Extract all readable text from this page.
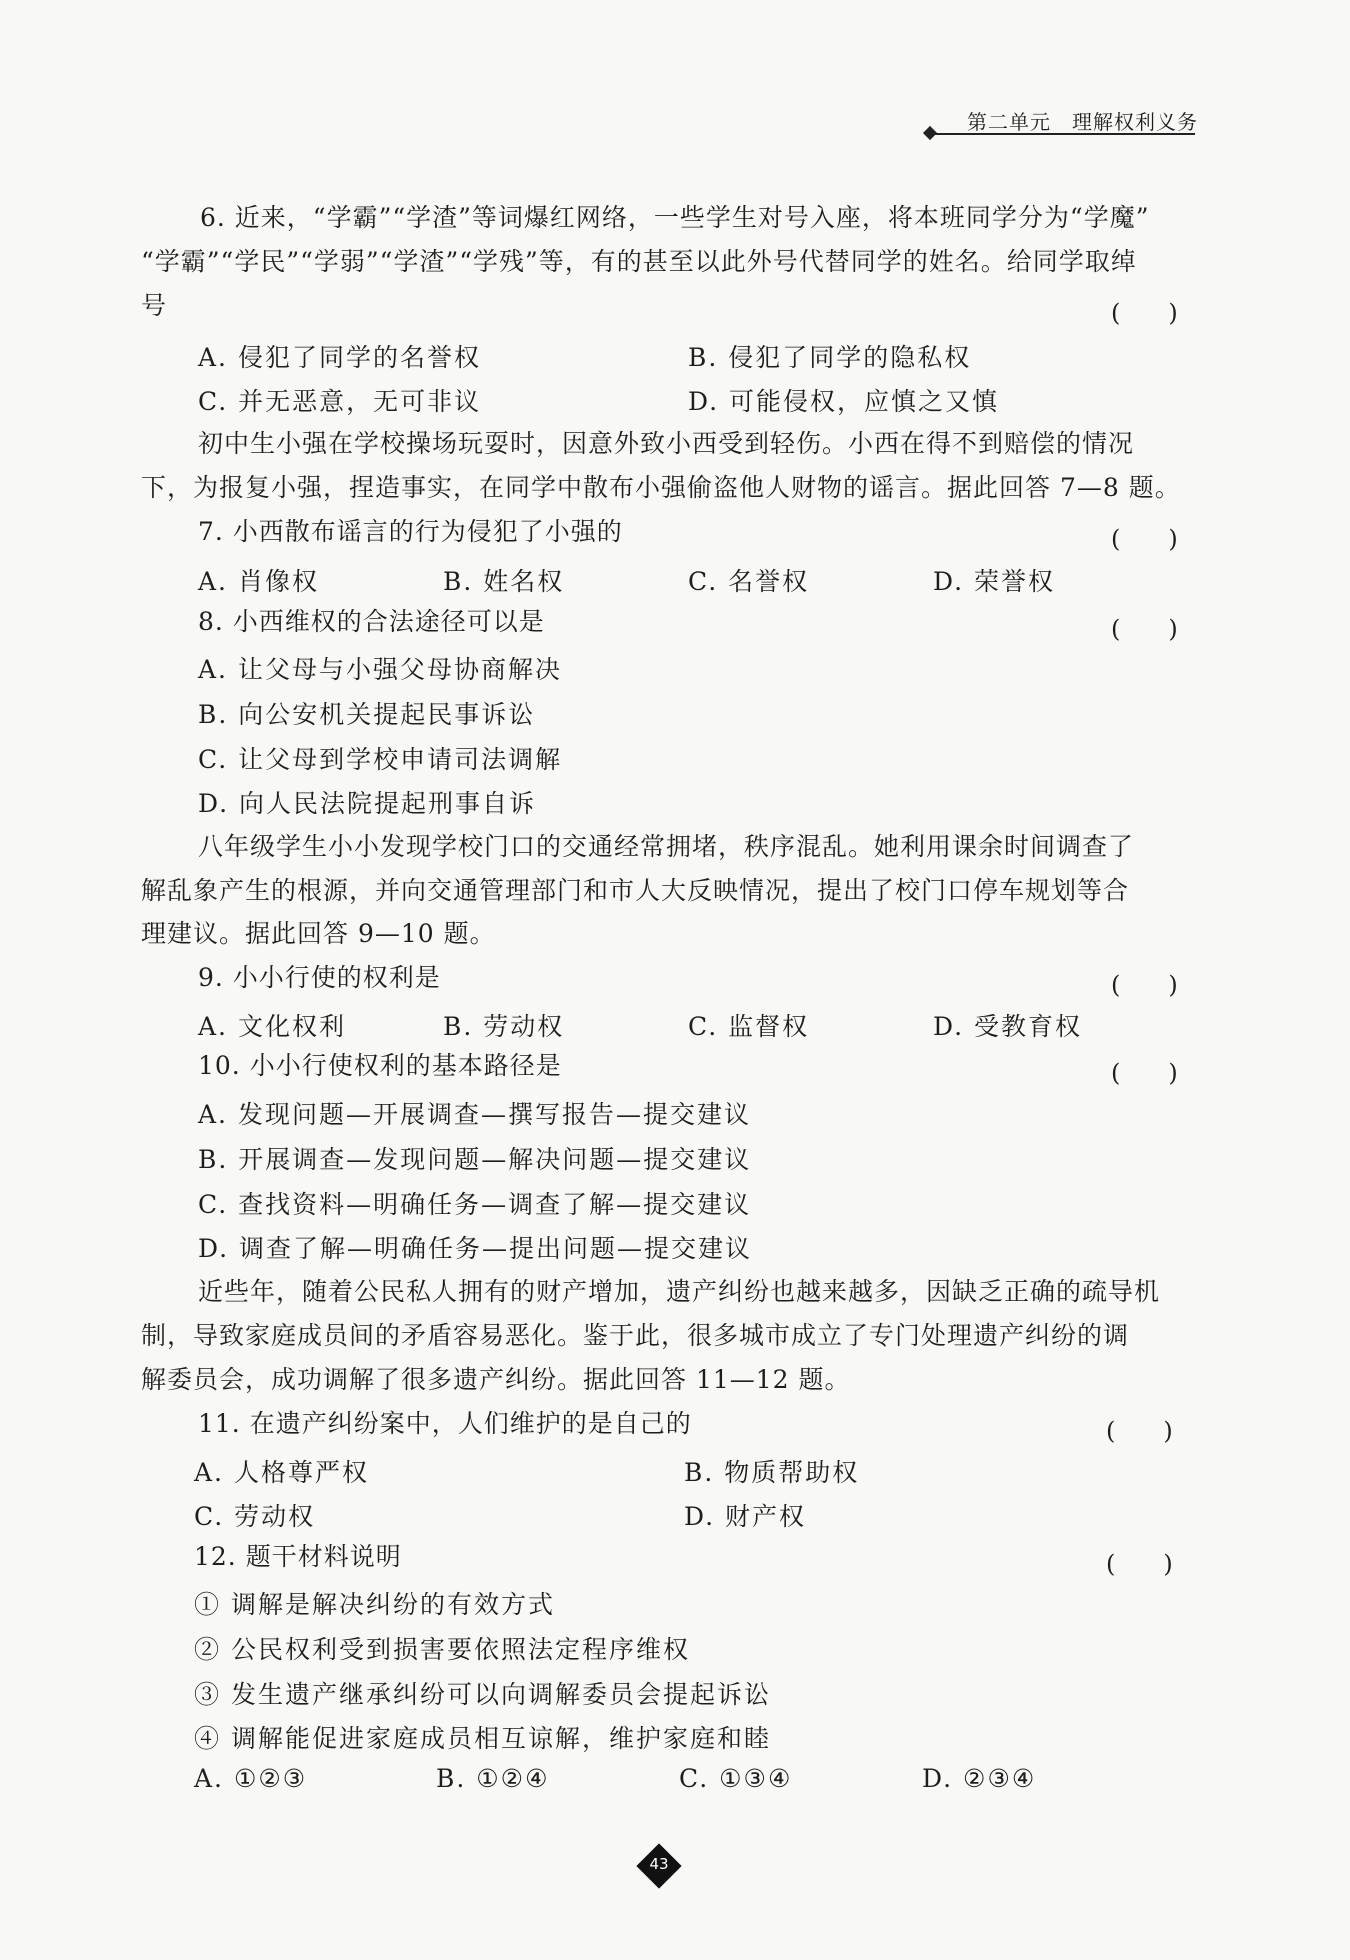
第二单元　理解权利义务
6. 近来，“学霸”“学渣”等词爆红网络，一些学生对号入座，将本班同学分为“学魔”
“学霸”“学民”“学弱”“学渣”“学残”等，有的甚至以此外号代替同学的姓名。给同学取绰
号	(　　)
A. 侵犯了同学的名誉权	B. 侵犯了同学的隐私权
C. 并无恶意，无可非议	D. 可能侵权，应慎之又慎
初中生小强在学校操场玩耍时，因意外致小西受到轻伤。小西在得不到赔偿的情况
下，为报复小强，捏造事实，在同学中散布小强偷盗他人财物的谣言。据此回答 7—8 题。
7. 小西散布谣言的行为侵犯了小强的	(　　)
A. 肖像权	B. 姓名权	C. 名誉权	D. 荣誉权
8. 小西维权的合法途径可以是	(　　)
A. 让父母与小强父母协商解决
B. 向公安机关提起民事诉讼
C. 让父母到学校申请司法调解
D. 向人民法院提起刑事自诉
八年级学生小小发现学校门口的交通经常拥堵，秩序混乱。她利用课余时间调查了
解乱象产生的根源，并向交通管理部门和市人大反映情况，提出了校门口停车规划等合
理建议。据此回答 9—10 题。
9. 小小行使的权利是	(　　)
A. 文化权利	B. 劳动权	C. 监督权	D. 受教育权
10. 小小行使权利的基本路径是	(　　)
A. 发现问题—开展调查—撰写报告—提交建议
B. 开展调查—发现问题—解决问题—提交建议
C. 查找资料—明确任务—调查了解—提交建议
D. 调查了解—明确任务—提出问题—提交建议
近些年，随着公民私人拥有的财产增加，遗产纠纷也越来越多，因缺乏正确的疏导机
制，导致家庭成员间的矛盾容易恶化。鉴于此，很多城市成立了专门处理遗产纠纷的调
解委员会，成功调解了很多遗产纠纷。据此回答 11—12 题。
11. 在遗产纠纷案中，人们维护的是自己的	(　　)
A. 人格尊严权	B. 物质帮助权
C. 劳动权	D. 财产权
12. 题干材料说明	(　　)
① 调解是解决纠纷的有效方式
② 公民权利受到损害要依照法定程序维权
③ 发生遗产继承纠纷可以向调解委员会提起诉讼
④ 调解能促进家庭成员相互谅解，维护家庭和睦
A. ①②③	B. ①②④	C. ①③④	D. ②③④
43
